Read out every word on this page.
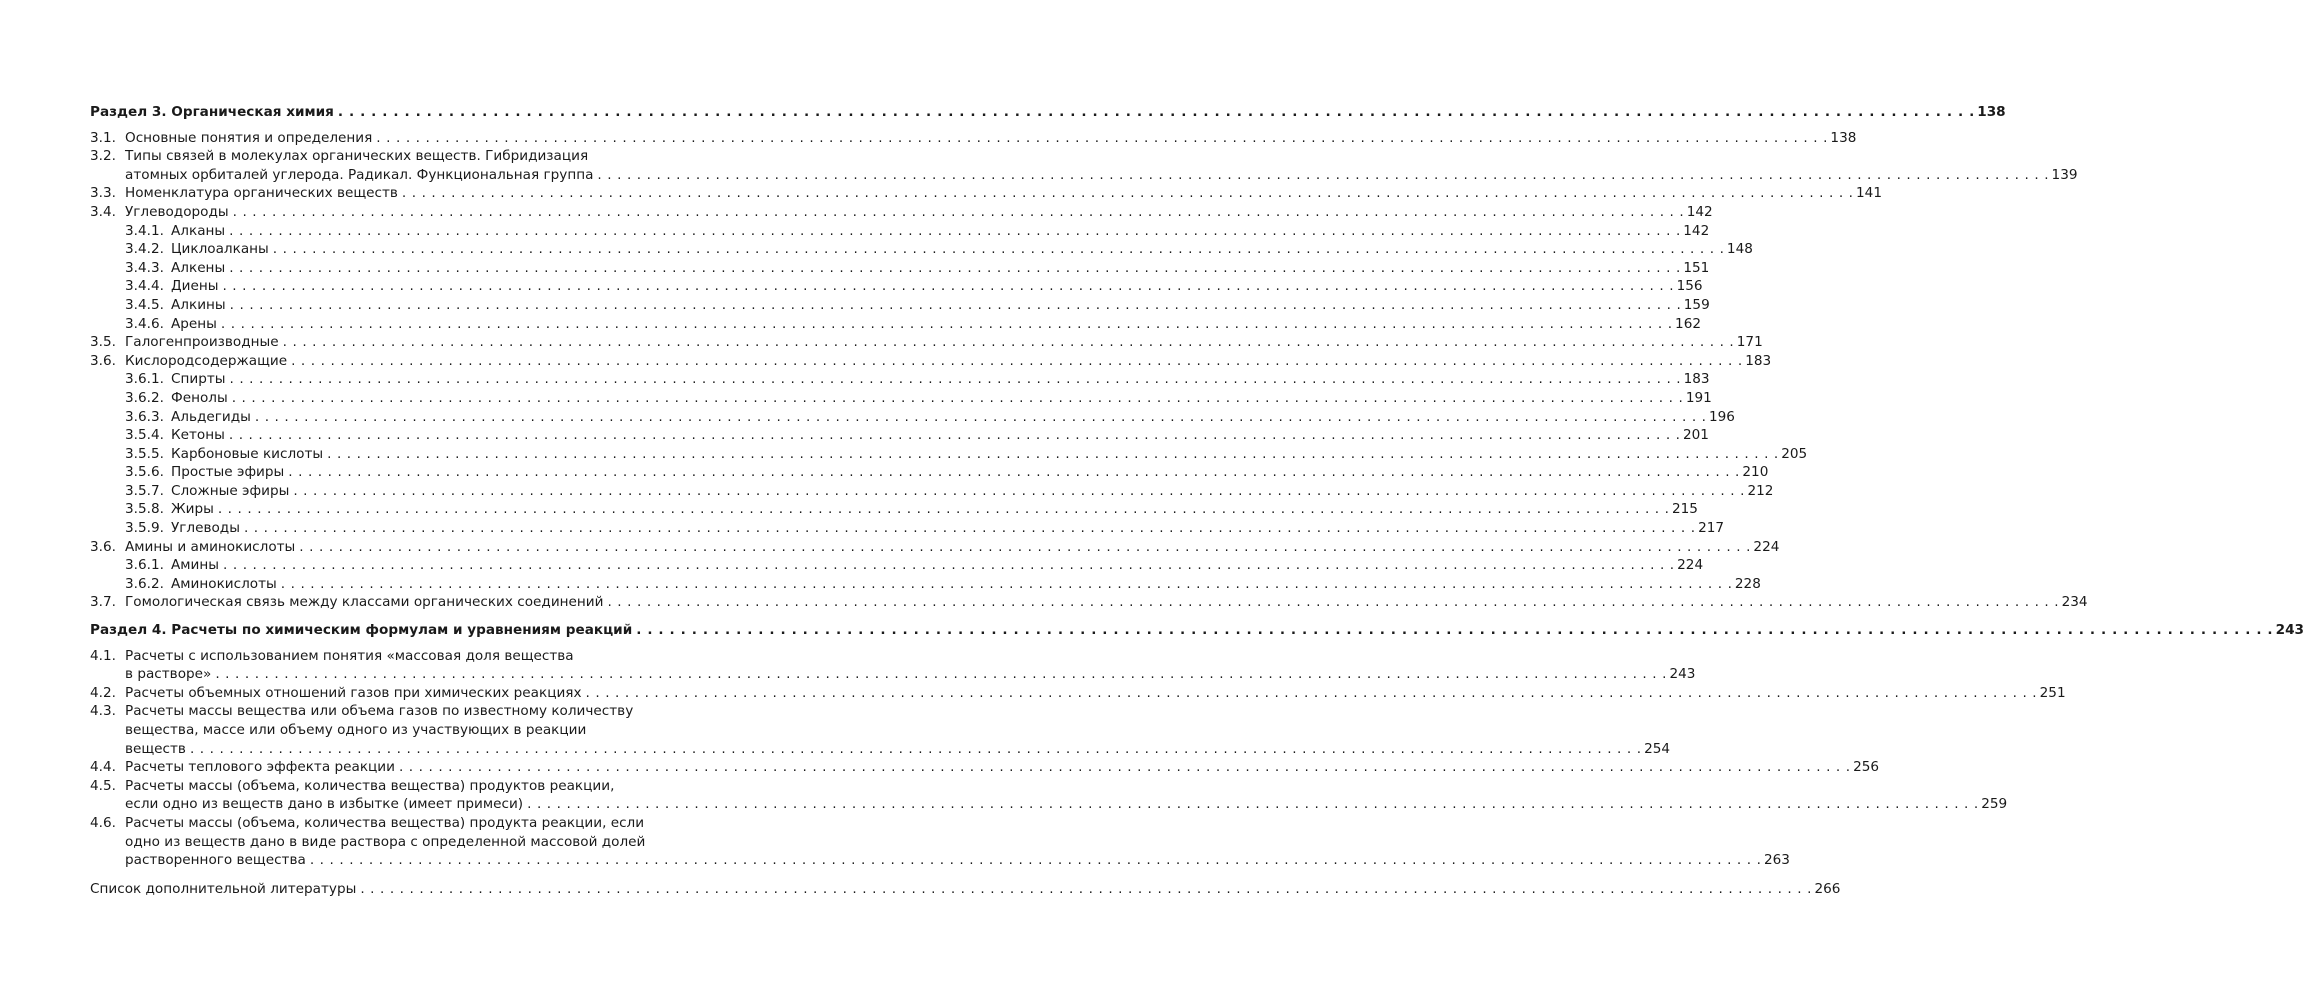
Раздел 3. Органическая химия . . .	138
3.1. Основные понятия и определения . . .	138
3.2. Типы связей в молекулах органических веществ. Гибридизация
атомных орбиталей углерода. Радикал. Функциональная группа . . .	139
3.3. Номенклатура органических веществ . . .	141
3.4. Углеводороды . . .	142
3.4.1. Алканы . . .	142
3.4.2. Циклоалканы . . .	148
3.4.3. Алкены . . .	151
3.4.4. Диены . . .	156
3.4.5. Алкины . . .	159
3.4.6. Арены . . .	162
3.5. Галогенпроизводные . . .	171
3.6. Кислородсодержащие . . .	183
3.6.1. Спирты . . .	183
3.6.2. Фенолы . . .	191
3.6.3. Альдегиды . . .	196
3.5.4. Кетоны . . .	201
3.5.5. Карбоновые кислоты . . .	205
3.5.6. Простые эфиры . . .	210
3.5.7. Сложные эфиры . . .	212
3.5.8. Жиры . . .	215
3.5.9. Углеводы . . .	217
3.6. Амины и аминокислоты . . .	224
3.6.1. Амины . . .	224
3.6.2. Аминокислоты . . .	228
3.7. Гомологическая связь между классами органических соединений . . .	234
Раздел 4. Расчеты по химическим формулам и уравнениям реакций . . .	243
4.1. Расчеты с использованием понятия «массовая доля вещества
в растворе» . . .	243
4.2. Расчеты объемных отношений газов при химических реакциях . . .	251
4.3. Расчеты массы вещества или объема газов по известному количеству
вещества, массе или объему одного из участвующих в реакции
веществ . . .	254
4.4. Расчеты теплового эффекта реакции . . .	256
4.5. Расчеты массы (объема, количества вещества) продуктов реакции,
если одно из веществ дано в избытке (имеет примеси) . . .	259
4.6. Расчеты массы (объема, количества вещества) продукта реакции, если
одно из веществ дано в виде раствора с определенной массовой долей
растворенного вещества . . .	263
Список дополнительной литературы . . .	266
